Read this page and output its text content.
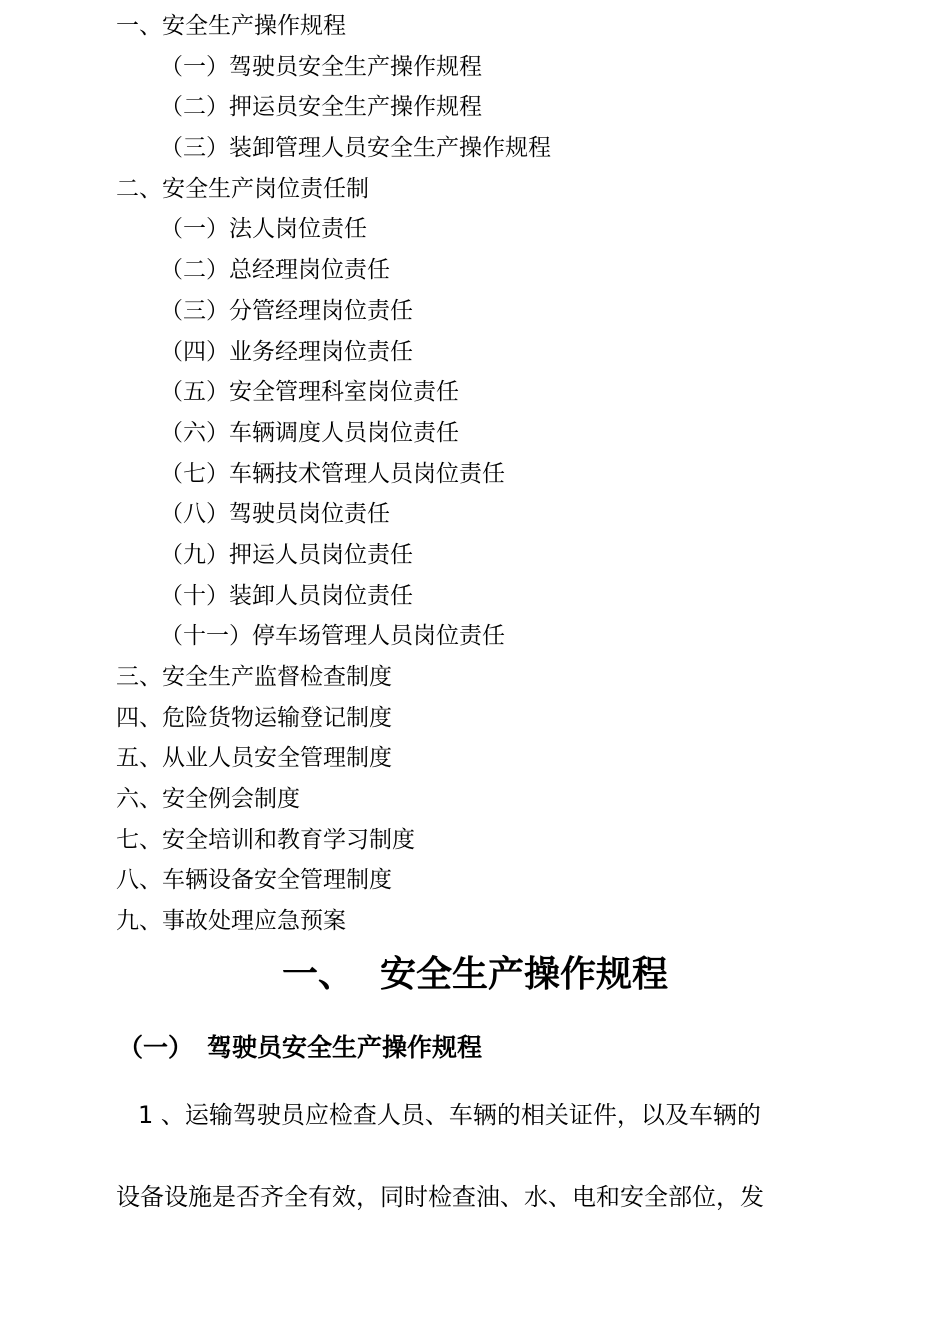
一、安全生产操作规程
（一）驾驶员安全生产操作规程
（二）押运员安全生产操作规程
（三）装卸管理人员安全生产操作规程
二、安全生产岗位责任制
（一）法人岗位责任
（二）总经理岗位责任
（三）分管经理岗位责任
（四）业务经理岗位责任
（五）安全管理科室岗位责任
（六）车辆调度人员岗位责任
（七）车辆技术管理人员岗位责任
（八）驾驶员岗位责任
（九）押运人员岗位责任
（十）装卸人员岗位责任
（十一）停车场管理人员岗位责任
三、安全生产监督检查制度
四、危险货物运输登记制度
五、从业人员安全管理制度
六、安全例会制度
七、安全培训和教育学习制度
八、车辆设备安全管理制度
九、事故处理应急预案
一、 安全生产操作规程
（一） 驾驶员安全生产操作规程
1 、运输驾驶员应检查人员、车辆的相关证件，以及车辆的
设备设施是否齐全有效，同时检查油、水、电和安全部位，发
